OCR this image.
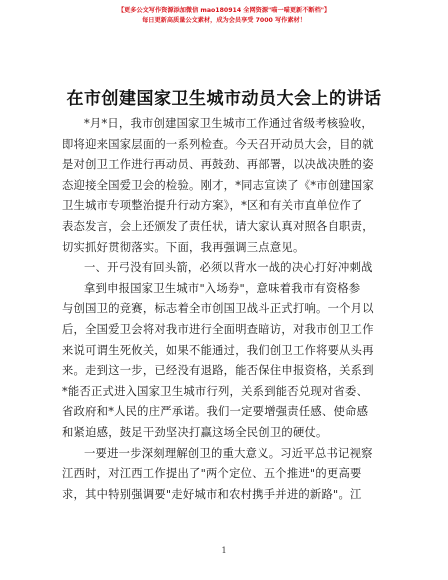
【更多公文写作资源添加微信 mao180914 全网资源"喵一喵更新不断档"】
每日更新高质量公文素材，成为会员享受 7000 写作素材！
在市创建国家卫生城市动员大会上的讲话
*月*日，我市创建国家卫生城市工作通过省级考核验收，
即将迎来国家层面的一系列检查。今天召开动员大会，目的就
是对创卫工作进行再动员、再鼓劲、再部署，以决战决胜的姿
态迎接全国爱卫会的检验。刚才，*同志宣读了《*市创建国家
卫生城市专项整治提升行动方案》，*区和有关市直单位作了
表态发言，会上还颁发了责任状，请大家认真对照各自职责，
切实抓好贯彻落实。下面，我再强调三点意见。
一、开弓没有回头箭，必须以背水一战的决心打好冲刺战
拿到申报国家卫生城市"入场券"，意味着我市有资格参
与创国卫的竞赛，标志着全市创国卫战斗正式打响。一个月以
后，全国爱卫会将对我市进行全面明查暗访，对我市创卫工作
来说可谓生死攸关，如果不能通过，我们创卫工作将要从头再
来。走到这一步，已经没有退路，能否保住申报资格，关系到
*能否正式进入国家卫生城市行列，关系到能否兑现对省委、
省政府和*人民的庄严承诺。我们一定要增强责任感、使命感
和紧迫感，鼓足干劲坚决打赢这场全民创卫的硬仗。
一要进一步深刻理解创卫的重大意义。习近平总书记视察
江西时，对江西工作提出了"两个定位、五个推进"的更高要
求，其中特别强调要"走好城市和农村携手并进的新路"。江
1
